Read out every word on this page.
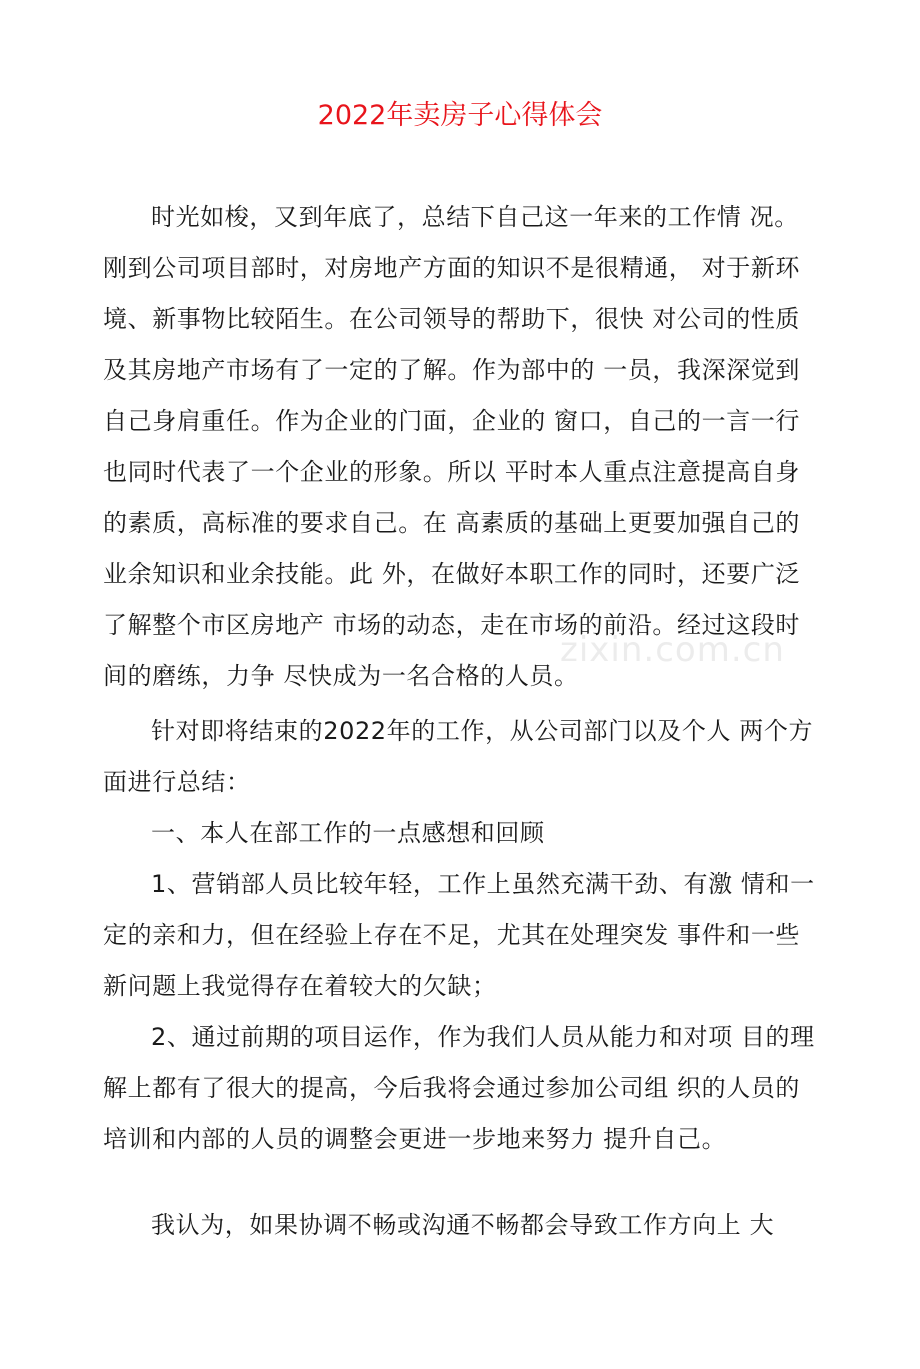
2022年卖房子心得体会

时光如梭，又到年底了，总结下自己这一年来的工作情 况。刚到公司项目部时，对房地产方面的知识不是很精通， 对于新环境、新事物比较陌生。在公司领导的帮助下，很快 对公司的性质及其房地产市场有了一定的了解。作为部中的 一员，我深深觉到自己身肩重任。作为企业的门面，企业的 窗口，自己的一言一行也同时代表了一个企业的形象。所以 平时本人重点注意提高自身的素质，高标准的要求自己。在 高素质的基础上更要加强自己的业余知识和业余技能。此 外，在做好本职工作的同时，还要广泛了解整个市区房地产 市场的动态，走在市场的前沿。经过这段时间的磨练，力争 尽快成为一名合格的人员。

针对即将结束的2022年的工作，从公司部门以及个人 两个方面进行总结：

一、本人在部工作的一点感想和回顾

1、营销部人员比较年轻，工作上虽然充满干劲、有激 情和一定的亲和力，但在经验上存在不足，尤其在处理突发 事件和一些新问题上我觉得存在着较大的欠缺；

2、通过前期的项目运作，作为我们人员从能力和对项 目的理解上都有了很大的提高，今后我将会通过参加公司组 织的人员的培训和内部的人员的调整会更进一步地来努力 提升自己。

我认为，如果协调不畅或沟通不畅都会导致工作方向上 大

zixin.com.cn
